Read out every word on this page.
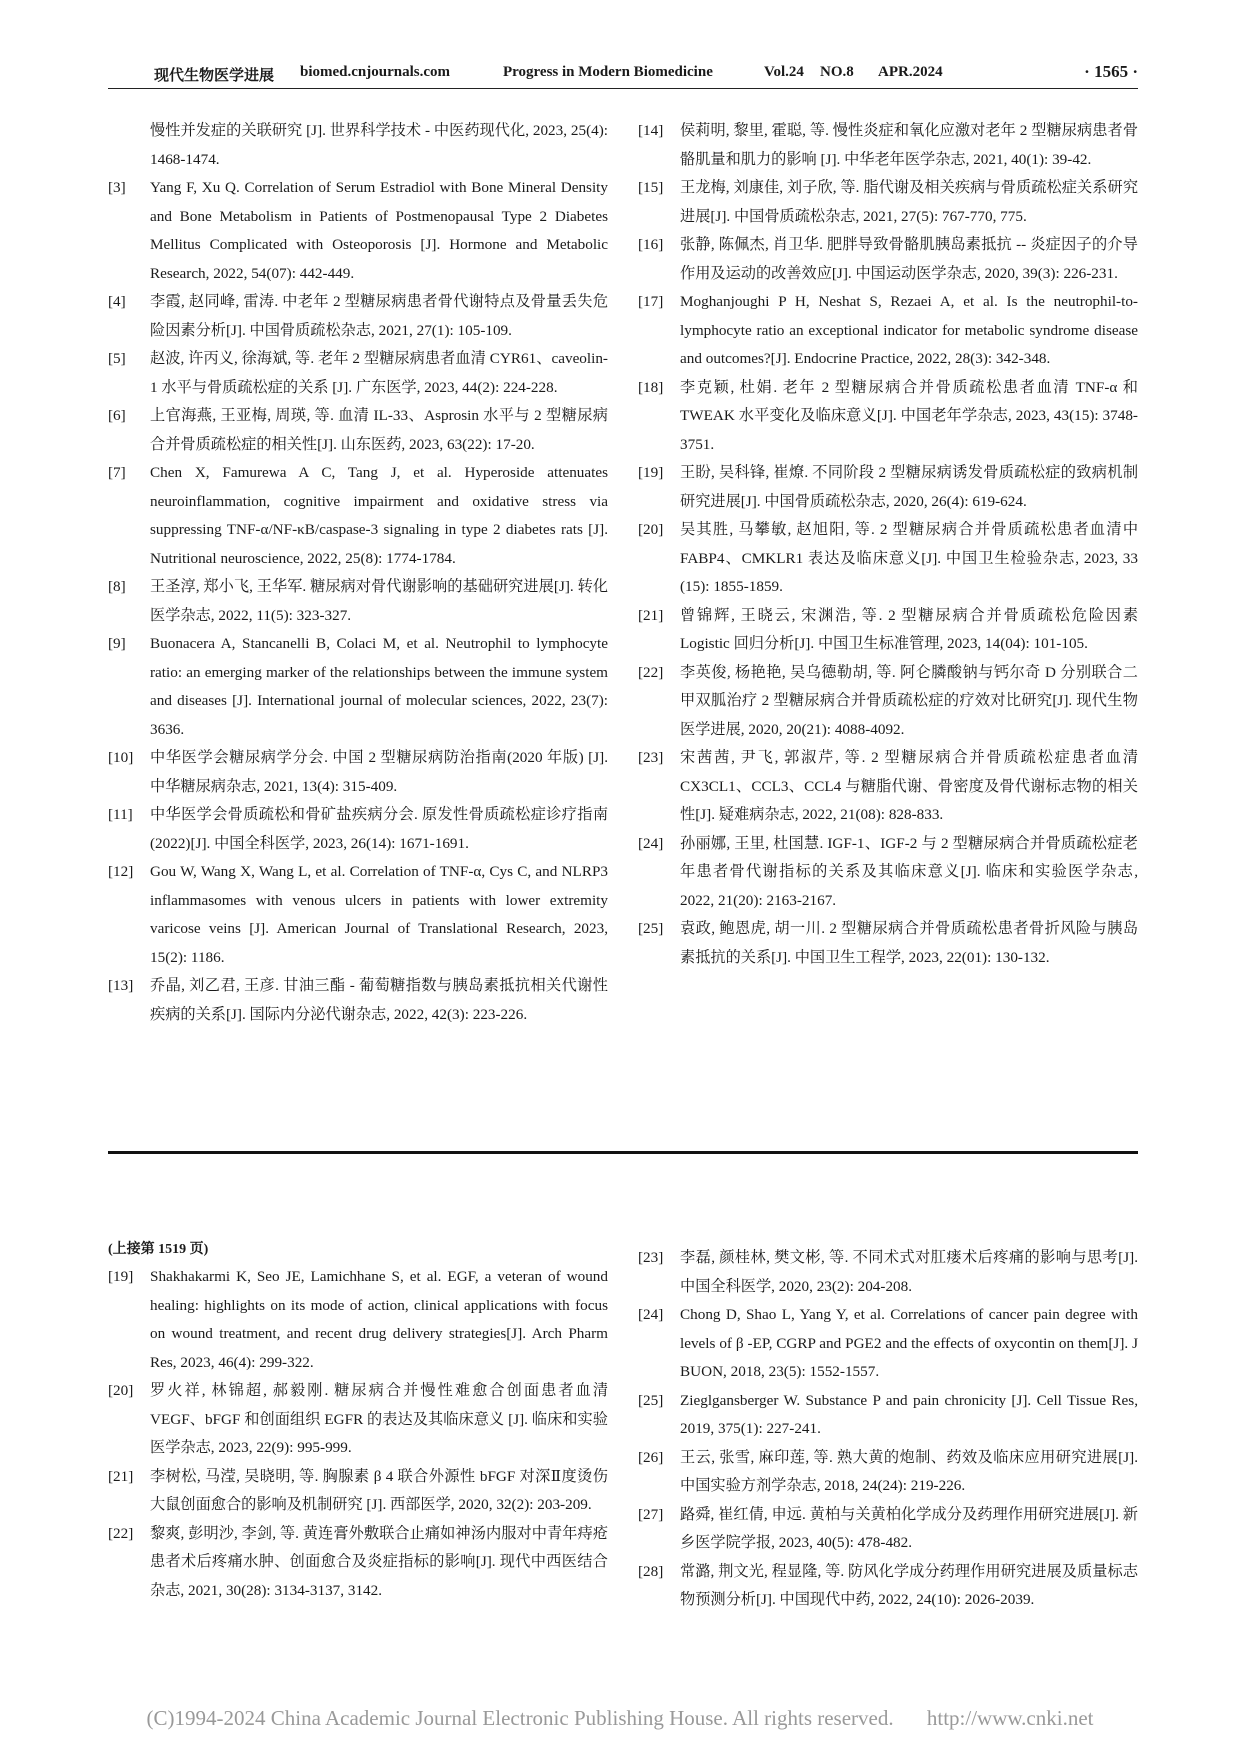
现代生物医学进展 biomed.cnjournals.com	Progress in Modern Biomedicine	Vol.24 NO.8 APR.2024	· 1565 ·

慢性并发症的关联研究 [J]. 世界科学技术 - 中医药现代化, 2023, 25(4): 1468-1474.

[3] Yang F, Xu Q. Correlation of Serum Estradiol with Bone Mineral Density and Bone Metabolism in Patients of Postmenopausal Type 2 Diabetes Mellitus Complicated with Osteoporosis [J]. Hormone and Metabolic Research, 2022, 54(07): 442-449.

[4] 李霞, 赵同峰, 雷涛. 中老年 2 型糖尿病患者骨代谢特点及骨量丢失危险因素分析[J]. 中国骨质疏松杂志, 2021, 27(1): 105-109.

[5] 赵波, 许丙义, 徐海斌, 等. 老年 2 型糖尿病患者血清 CYR61、caveolin-1 水平与骨质疏松症的关系 [J]. 广东医学, 2023, 44(2): 224-228.

[6] 上官海燕, 王亚梅, 周瑛, 等. 血清 IL-33、Asprosin 水平与 2 型糖尿病合并骨质疏松症的相关性[J]. 山东医药, 2023, 63(22): 17-20.

[7] Chen X, Famurewa A C, Tang J, et al. Hyperoside attenuates neuroinflammation, cognitive impairment and oxidative stress via suppressing TNF-α/NF-κB/caspase-3 signaling in type 2 diabetes rats [J]. Nutritional neuroscience, 2022, 25(8): 1774-1784.

[8] 王圣淳, 郑小飞, 王华军. 糖尿病对骨代谢影响的基础研究进展[J]. 转化医学杂志, 2022, 11(5): 323-327.

[9] Buonacera A, Stancanelli B, Colaci M, et al. Neutrophil to lymphocyte ratio: an emerging marker of the relationships between the immune system and diseases [J]. International journal of molecular sciences, 2022, 23(7): 3636.

[10] 中华医学会糖尿病学分会. 中国 2 型糖尿病防治指南(2020 年版) [J]. 中华糖尿病杂志, 2021, 13(4): 315-409.

[11] 中华医学会骨质疏松和骨矿盐疾病分会. 原发性骨质疏松症诊疗指南(2022)[J]. 中国全科医学, 2023, 26(14): 1671-1691.

[12] Gou W, Wang X, Wang L, et al. Correlation of TNF-α, Cys C, and NLRP3 inflammasomes with venous ulcers in patients with lower extremity varicose veins [J]. American Journal of Translational Research, 2023, 15(2): 1186.

[13] 乔晶, 刘乙君, 王彦. 甘油三酯 - 葡萄糖指数与胰岛素抵抗相关代谢性疾病的关系[J]. 国际内分泌代谢杂志, 2022, 42(3): 223-226.

[14] 侯莉明, 黎里, 霍聪, 等. 慢性炎症和氧化应激对老年 2 型糖尿病患者骨骼肌量和肌力的影响 [J]. 中华老年医学杂志, 2021, 40(1): 39-42.

[15] 王龙梅, 刘康佳, 刘子欣, 等. 脂代谢及相关疾病与骨质疏松症关系研究进展[J]. 中国骨质疏松杂志, 2021, 27(5): 767-770, 775.

[16] 张静, 陈佩杰, 肖卫华. 肥胖导致骨骼肌胰岛素抵抗 -- 炎症因子的介导作用及运动的改善效应[J]. 中国运动医学杂志, 2020, 39(3): 226-231.

[17] Moghanjoughi P H, Neshat S, Rezaei A, et al. Is the neutrophil-to-lymphocyte ratio an exceptional indicator for metabolic syndrome disease and outcomes?[J]. Endocrine Practice, 2022, 28(3): 342-348.

[18] 李克颖, 杜娟. 老年 2 型糖尿病合并骨质疏松患者血清 TNF-α 和 TWEAK 水平变化及临床意义[J]. 中国老年学杂志, 2023, 43(15): 3748-3751.

[19] 王盼, 吴科锋, 崔燎. 不同阶段 2 型糖尿病诱发骨质疏松症的致病机制研究进展[J]. 中国骨质疏松杂志, 2020, 26(4): 619-624.

[20] 吴其胜, 马攀敏, 赵旭阳, 等. 2 型糖尿病合并骨质疏松患者血清中 FABP4、CMKLR1 表达及临床意义[J]. 中国卫生检验杂志, 2023, 33 (15): 1855-1859.

[21] 曾锦辉, 王晓云, 宋渊浩, 等. 2 型糖尿病合并骨质疏松危险因素 Logistic 回归分析[J]. 中国卫生标准管理, 2023, 14(04): 101-105.

[22] 李英俊, 杨艳艳, 吴乌德勒胡, 等. 阿仑膦酸钠与钙尔奇 D 分别联合二甲双胍治疗 2 型糖尿病合并骨质疏松症的疗效对比研究[J]. 现代生物医学进展, 2020, 20(21): 4088-4092.

[23] 宋茜茜, 尹飞, 郭淑芹, 等. 2 型糖尿病合并骨质疏松症患者血清 CX3CL1、CCL3、CCL4 与糖脂代谢、骨密度及骨代谢标志物的相关性[J]. 疑难病杂志, 2022, 21(08): 828-833.

[24] 孙丽娜, 王里, 杜国慧. IGF-1、IGF-2 与 2 型糖尿病合并骨质疏松症老年患者骨代谢指标的关系及其临床意义[J]. 临床和实验医学杂志, 2022, 21(20): 2163-2167.

[25] 袁政, 鲍恩虎, 胡一川. 2 型糖尿病合并骨质疏松患者骨折风险与胰岛素抵抗的关系[J]. 中国卫生工程学, 2023, 22(01): 130-132.

(上接第 1519 页)

[19] Shakhakarmi K, Seo JE, Lamichhane S, et al. EGF, a veteran of wound healing: highlights on its mode of action, clinical applications with focus on wound treatment, and recent drug delivery strategies[J]. Arch Pharm Res, 2023, 46(4): 299-322.

[20] 罗火祥, 林锦超, 郝毅刚. 糖尿病合并慢性难愈合创面患者血清 VEGF、bFGF 和创面组织 EGFR 的表达及其临床意义 [J]. 临床和实验医学杂志, 2023, 22(9): 995-999.

[21] 李树松, 马滢, 吴晓明, 等. 胸腺素 β 4 联合外源性 bFGF 对深Ⅱ度烫伤大鼠创面愈合的影响及机制研究 [J]. 西部医学, 2020, 32(2): 203-209.

[22] 黎爽, 彭明沙, 李剑, 等. 黄连膏外敷联合止痛如神汤内服对中青年痔疮患者术后疼痛水肿、创面愈合及炎症指标的影响[J]. 现代中西医结合杂志, 2021, 30(28): 3134-3137, 3142.

[23] 李磊, 颜桂林, 樊文彬, 等. 不同术式对肛瘘术后疼痛的影响与思考[J]. 中国全科医学, 2020, 23(2): 204-208.

[24] Chong D, Shao L, Yang Y, et al. Correlations of cancer pain degree with levels of β -EP, CGRP and PGE2 and the effects of oxycontin on them[J]. J BUON, 2018, 23(5): 1552-1557.

[25] Zieglgansberger W. Substance P and pain chronicity [J]. Cell Tissue Res, 2019, 375(1): 227-241.

[26] 王云, 张雪, 麻印莲, 等. 熟大黄的炮制、药效及临床应用研究进展[J]. 中国实验方剂学杂志, 2018, 24(24): 219-226.

[27] 路舜, 崔红倩, 申远. 黄柏与关黄柏化学成分及药理作用研究进展[J]. 新乡医学院学报, 2023, 40(5): 478-482.

[28] 常潞, 荆文光, 程显隆, 等. 防风化学成分药理作用研究进展及质量标志物预测分析[J]. 中国现代中药, 2022, 24(10): 2026-2039.

(C)1994-2024 China Academic Journal Electronic Publishing House. All rights reserved. http://www.cnki.net
